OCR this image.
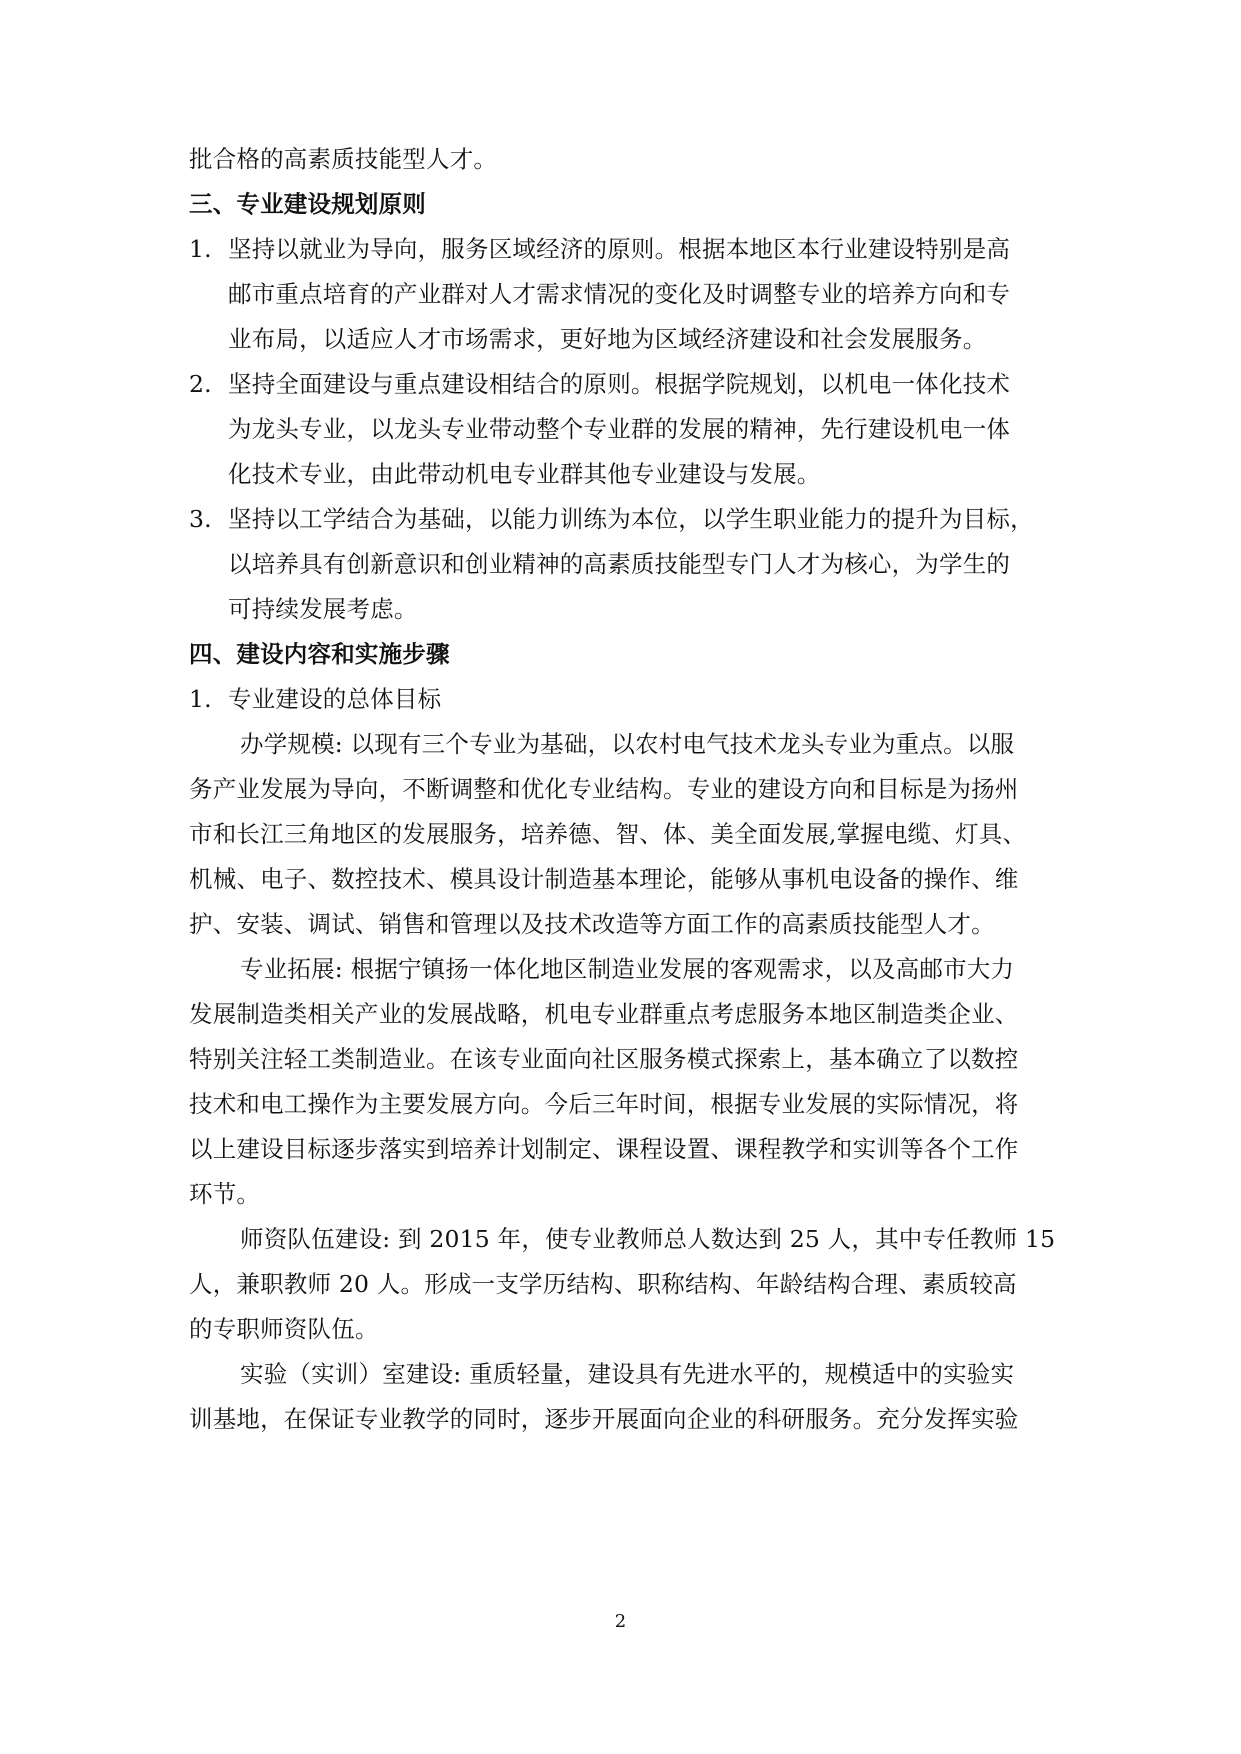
批合格的高素质技能型人才。
三、专业建设规划原则
1. 坚持以就业为导向，服务区域经济的原则。根据本地区本行业建设特别是高
邮市重点培育的产业群对人才需求情况的变化及时调整专业的培养方向和专
业布局，以适应人才市场需求，更好地为区域经济建设和社会发展服务。
2. 坚持全面建设与重点建设相结合的原则。根据学院规划，以机电一体化技术
为龙头专业，以龙头专业带动整个专业群的发展的精神，先行建设机电一体
化技术专业，由此带动机电专业群其他专业建设与发展。
3. 坚持以工学结合为基础，以能力训练为本位，以学生职业能力的提升为目标，
以培养具有创新意识和创业精神的高素质技能型专门人才为核心，为学生的
可持续发展考虑。
四、建设内容和实施步骤
1. 专业建设的总体目标
办学规模: 以现有三个专业为基础，以农村电气技术龙头专业为重点。以服
务产业发展为导向，不断调整和优化专业结构。专业的建设方向和目标是为扬州
市和长江三角地区的发展服务，培养德、智、体、美全面发展,掌握电缆、灯具、
机械、电子、数控技术、模具设计制造基本理论，能够从事机电设备的操作、维
护、安装、调试、销售和管理以及技术改造等方面工作的高素质技能型人才。
专业拓展: 根据宁镇扬一体化地区制造业发展的客观需求，以及高邮市大力
发展制造类相关产业的发展战略，机电专业群重点考虑服务本地区制造类企业、
特别关注轻工类制造业。在该专业面向社区服务模式探索上，基本确立了以数控
技术和电工操作为主要发展方向。今后三年时间，根据专业发展的实际情况，将
以上建设目标逐步落实到培养计划制定、课程设置、课程教学和实训等各个工作
环节。
师资队伍建设: 到 2015 年，使专业教师总人数达到 25 人，其中专任教师 15
人，兼职教师 20 人。形成一支学历结构、职称结构、年龄结构合理、素质较高
的专职师资队伍。
实验（实训）室建设: 重质轻量，建设具有先进水平的，规模适中的实验实
训基地，在保证专业教学的同时，逐步开展面向企业的科研服务。充分发挥实验
2
